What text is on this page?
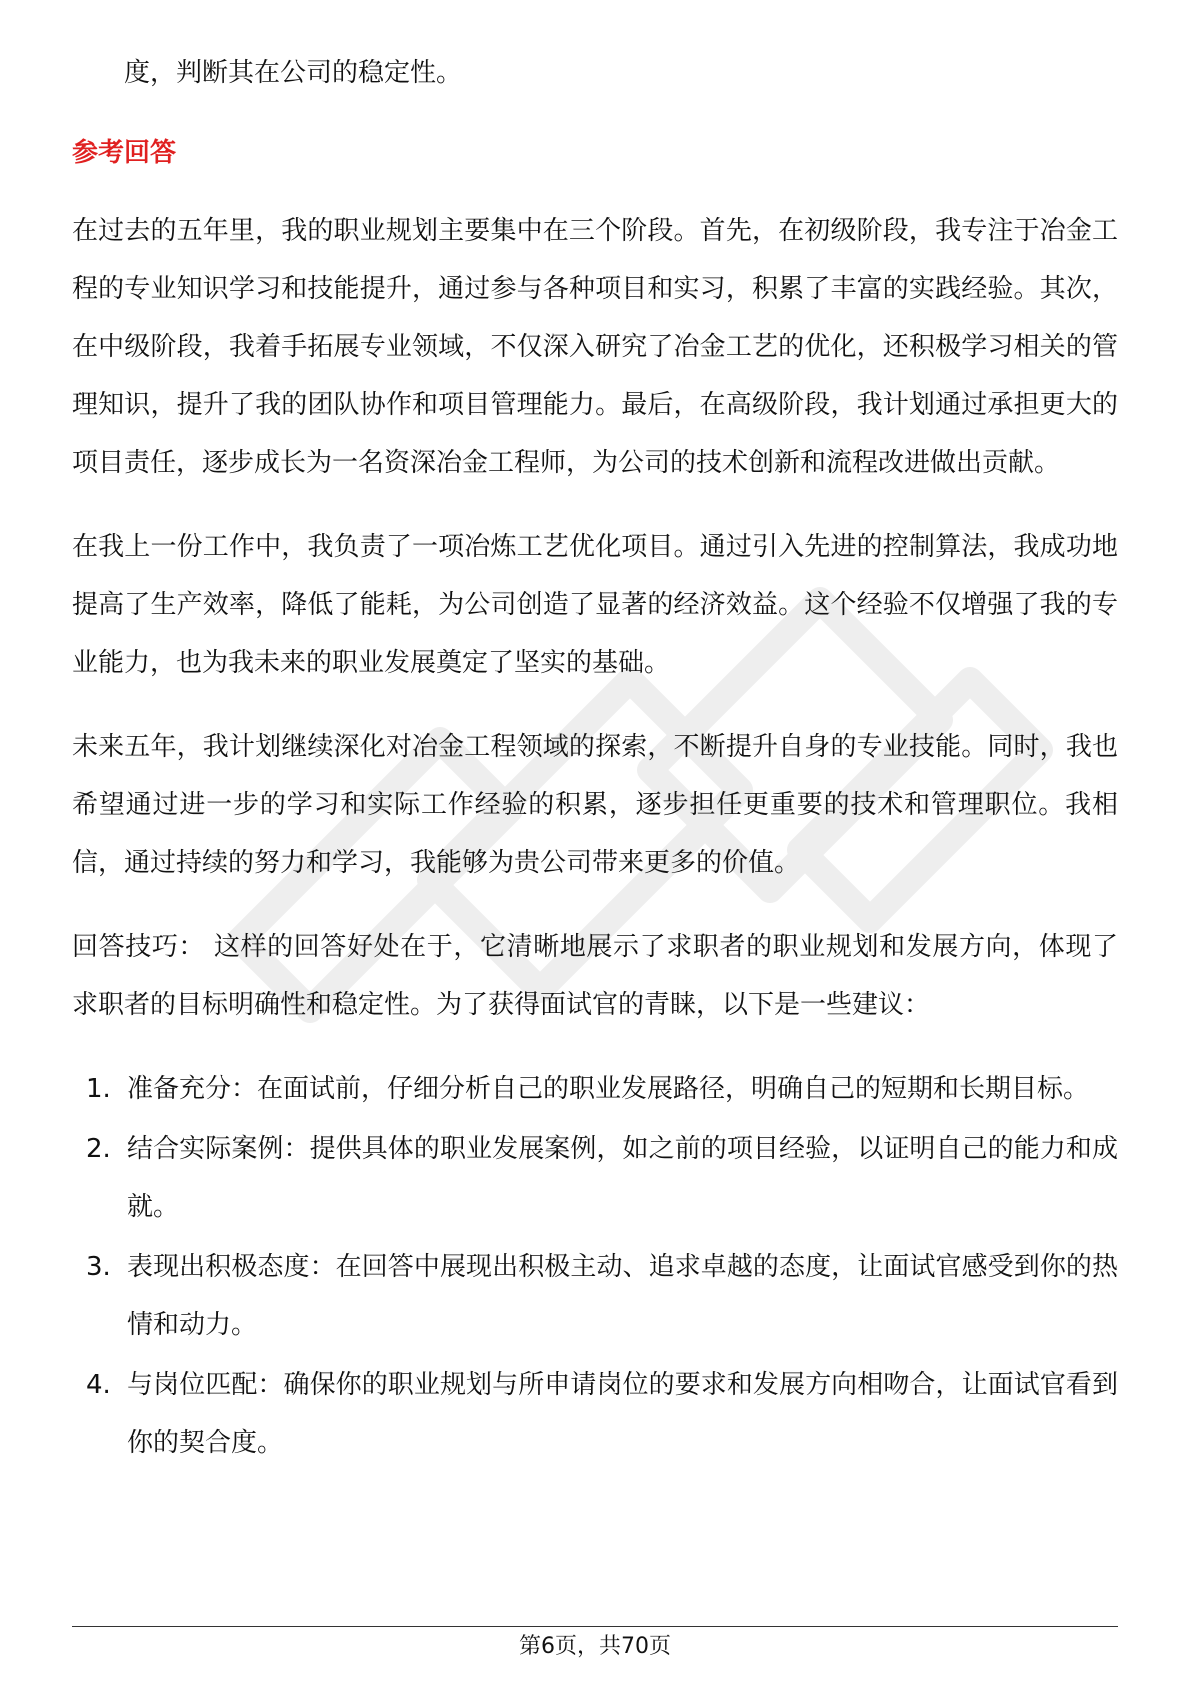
度，判断其在公司的稳定性。

参考回答

在过去的五年里，我的职业规划主要集中在三个阶段。首先，在初级阶段，我专注于冶金工程的专业知识学习和技能提升，通过参与各种项目和实习，积累了丰富的实践经验。其次，在中级阶段，我着手拓展专业领域，不仅深入研究了冶金工艺的优化，还积极学习相关的管理知识，提升了我的团队协作和项目管理能力。最后，在高级阶段，我计划通过承担更大的项目责任，逐步成长为一名资深冶金工程师，为公司的技术创新和流程改进做出贡献。

在我上一份工作中，我负责了一项冶炼工艺优化项目。通过引入先进的控制算法，我成功地提高了生产效率，降低了能耗，为公司创造了显著的经济效益。这个经验不仅增强了我的专业能力，也为我未来的职业发展奠定了坚实的基础。

未来五年，我计划继续深化对冶金工程领域的探索，不断提升自身的专业技能。同时，我也希望通过进一步的学习和实际工作经验的积累，逐步担任更重要的技术和管理职位。我相信，通过持续的努力和学习，我能够为贵公司带来更多的价值。

回答技巧： 这样的回答好处在于，它清晰地展示了求职者的职业规划和发展方向，体现了求职者的目标明确性和稳定性。为了获得面试官的青睐，以下是一些建议：

1. 准备充分：在面试前，仔细分析自己的职业发展路径，明确自己的短期和长期目标。
2. 结合实际案例：提供具体的职业发展案例，如之前的项目经验，以证明自己的能力和成就。
3. 表现出积极态度：在回答中展现出积极主动、追求卓越的态度，让面试官感受到你的热情和动力。
4. 与岗位匹配：确保你的职业规划与所申请岗位的要求和发展方向相吻合，让面试官看到你的契合度。
第6页，共70页
